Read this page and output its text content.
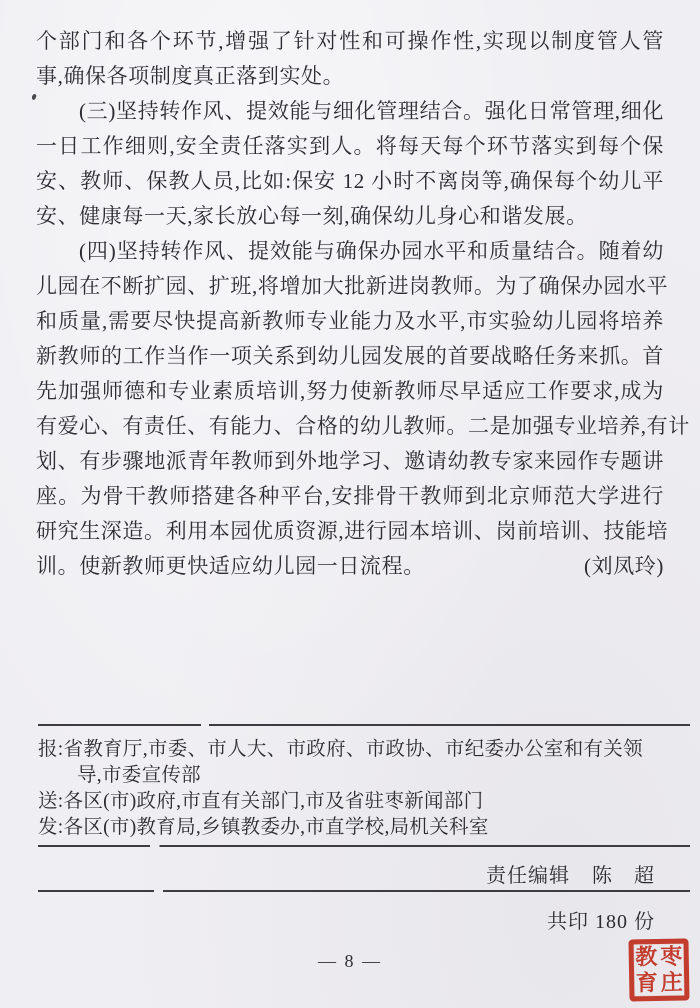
个部门和各个环节,增强了针对性和可操作性,实现以制度管人管
事,确保各项制度真正落到实处。
(三)坚持转作风、提效能与细化管理结合。强化日常管理,细化
一日工作细则,安全责任落实到人。将每天每个环节落实到每个保
安、教师、保教人员,比如:保安 12 小时不离岗等,确保每个幼儿平
安、健康每一天,家长放心每一刻,确保幼儿身心和谐发展。
(四)坚持转作风、提效能与确保办园水平和质量结合。随着幼
儿园在不断扩园、扩班,将增加大批新进岗教师。为了确保办园水平
和质量,需要尽快提高新教师专业能力及水平,市实验幼儿园将培养
新教师的工作当作一项关系到幼儿园发展的首要战略任务来抓。首
先加强师德和专业素质培训,努力使新教师尽早适应工作要求,成为
有爱心、有责任、有能力、合格的幼儿教师。二是加强专业培养,有计
划、有步骤地派青年教师到外地学习、邀请幼教专家来园作专题讲
座。为骨干教师搭建各种平台,安排骨干教师到北京师范大学进行
研究生深造。利用本园优质资源,进行园本培训、岗前培训、技能培
训。使新教师更快适应幼儿园一日流程。	(刘凤玲)
报:省教育厅,市委、市人大、市政府、市政协、市纪委办公室和有关领
导,市委宣传部
送:各区(市)政府,市直有关部门,市及省驻枣新闻部门
发:各区(市)教育局,乡镇教委办,市直学校,局机关科室
责任编辑 陈　超
共印 180 份
— 8 —	教 枣
育 庄
